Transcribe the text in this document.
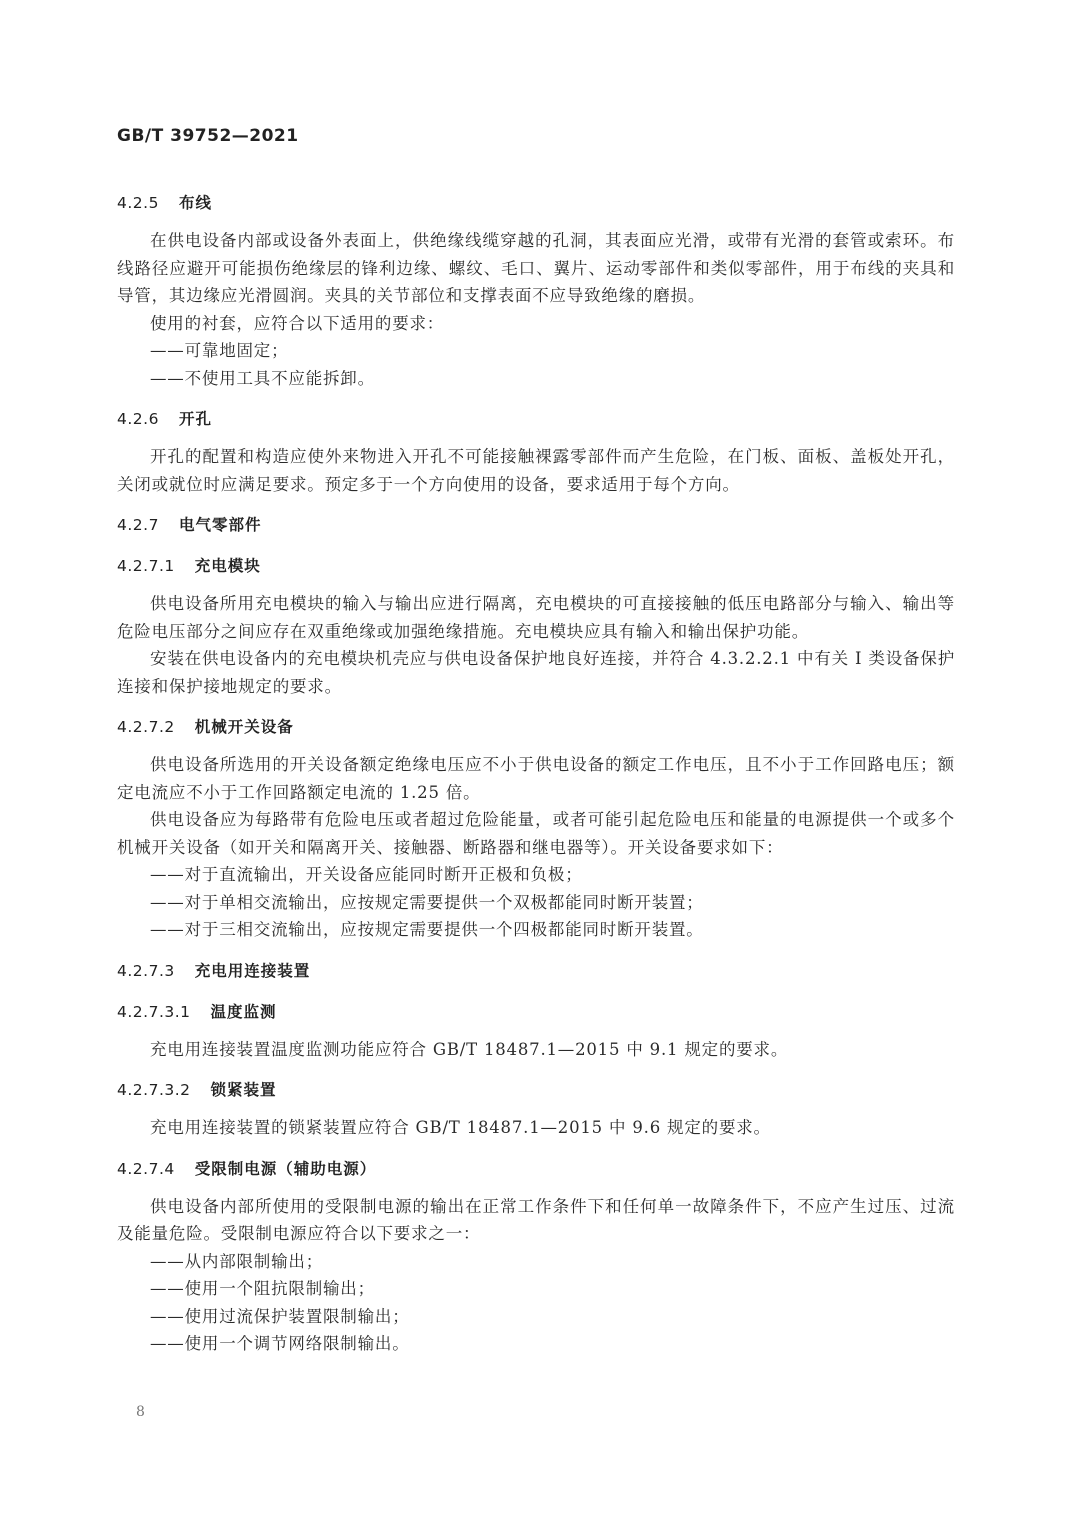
GB/T 39752—2021
4.2.5 布线
在供电设备内部或设备外表面上，供绝缘线缆穿越的孔洞，其表面应光滑，或带有光滑的套管或索环。布线路径应避开可能损伤绝缘层的锋利边缘、螺纹、毛口、翼片、运动零部件和类似零部件，用于布线的夹具和导管，其边缘应光滑圆润。夹具的关节部位和支撑表面不应导致绝缘的磨损。
使用的衬套，应符合以下适用的要求：
——可靠地固定；
——不使用工具不应能拆卸。
4.2.6 开孔
开孔的配置和构造应使外来物进入开孔不可能接触裸露零部件而产生危险，在门板、面板、盖板处开孔，关闭或就位时应满足要求。预定多于一个方向使用的设备，要求适用于每个方向。
4.2.7 电气零部件
4.2.7.1 充电模块
供电设备所用充电模块的输入与输出应进行隔离，充电模块的可直接接触的低压电路部分与输入、输出等危险电压部分之间应存在双重绝缘或加强绝缘措施。充电模块应具有输入和输出保护功能。
安装在供电设备内的充电模块机壳应与供电设备保护地良好连接，并符合 4.3.2.2.1 中有关 Ⅰ 类设备保护连接和保护接地规定的要求。
4.2.7.2 机械开关设备
供电设备所选用的开关设备额定绝缘电压应不小于供电设备的额定工作电压，且不小于工作回路电压；额定电流应不小于工作回路额定电流的 1.25 倍。
供电设备应为每路带有危险电压或者超过危险能量，或者可能引起危险电压和能量的电源提供一个或多个机械开关设备（如开关和隔离开关、接触器、断路器和继电器等）。开关设备要求如下：
——对于直流输出，开关设备应能同时断开正极和负极；
——对于单相交流输出，应按规定需要提供一个双极都能同时断开装置；
——对于三相交流输出，应按规定需要提供一个四极都能同时断开装置。
4.2.7.3 充电用连接装置
4.2.7.3.1 温度监测
充电用连接装置温度监测功能应符合 GB/T 18487.1—2015 中 9.1 规定的要求。
4.2.7.3.2 锁紧装置
充电用连接装置的锁紧装置应符合 GB/T 18487.1—2015 中 9.6 规定的要求。
4.2.7.4 受限制电源（辅助电源）
供电设备内部所使用的受限制电源的输出在正常工作条件下和任何单一故障条件下，不应产生过压、过流及能量危险。受限制电源应符合以下要求之一：
——从内部限制输出；
——使用一个阻抗限制输出；
——使用过流保护装置限制输出；
——使用一个调节网络限制输出。
8
